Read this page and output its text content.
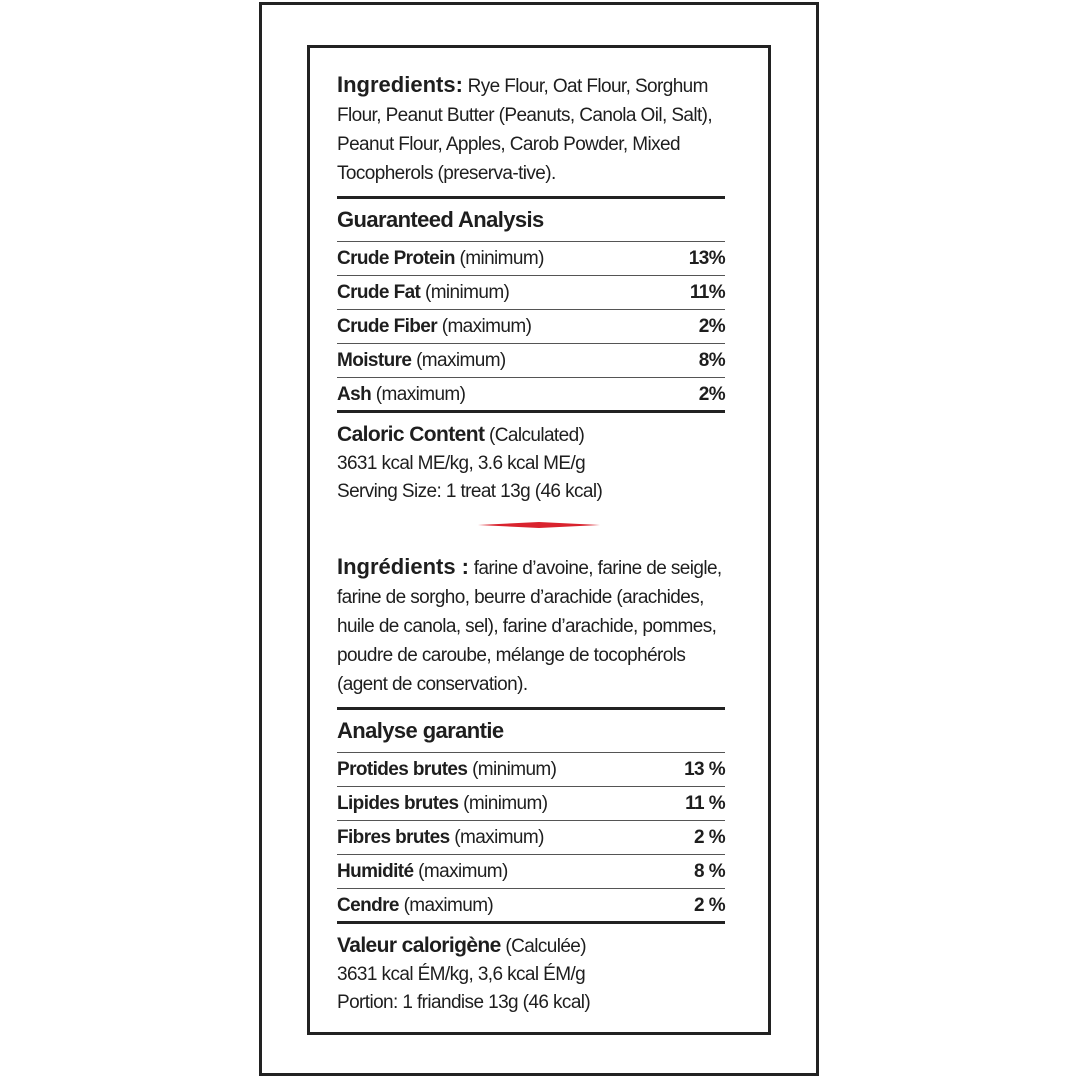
Ingredients: Rye Flour, Oat Flour, Sorghum Flour, Peanut Butter (Peanuts, Canola Oil, Salt), Peanut Flour, Apples, Carob Powder, Mixed Tocopherols (preserva-tive).
Guaranteed Analysis
Crude Protein (minimum)	13%
Crude Fat (minimum)	11%
Crude Fiber (maximum)	2%
Moisture (maximum)	8%
Ash (maximum)	2%
Caloric Content (Calculated)
3631 kcal ME/kg, 3.6 kcal ME/g
Serving Size: 1 treat 13g (46 kcal)
Ingrédients : farine d’avoine, farine de seigle, farine de sorgho, beurre d’arachide (arachides, huile de canola, sel), farine d’arachide, pommes, poudre de caroube, mélange de tocophérols (agent de conservation).
Analyse garantie
Protides brutes (minimum)	13 %
Lipides brutes (minimum)	11 %
Fibres brutes (maximum)	2 %
Humidité (maximum)	8 %
Cendre (maximum)	2 %
Valeur calorigène (Calculée)
3631 kcal ÉM/kg, 3,6 kcal ÉM/g
Portion: 1 friandise 13g (46 kcal)
